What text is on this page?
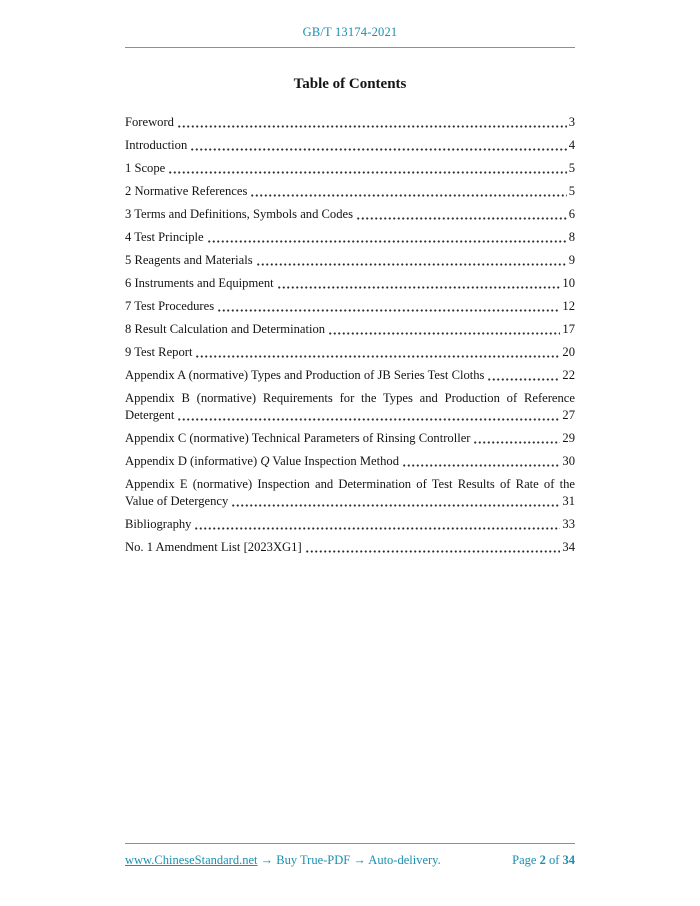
GB/T 13174-2021
Table of Contents
Foreword	3
Introduction	4
1 Scope	5
2 Normative References	5
3 Terms and Definitions, Symbols and Codes	6
4 Test Principle	8
5 Reagents and Materials	9
6 Instruments and Equipment	10
7 Test Procedures	12
8 Result Calculation and Determination	17
9 Test Report	20
Appendix A (normative) Types and Production of JB Series Test Cloths	22
Appendix B (normative) Requirements for the Types and Production of Reference
Detergent	27
Appendix C (normative) Technical Parameters of Rinsing Controller	29
Appendix D (informative) Q Value Inspection Method	30
Appendix E (normative) Inspection and Determination of Test Results of Rate of the
Value of Detergency	31
Bibliography	33
No. 1 Amendment List [2023XG1]	34
www.ChineseStandard.net → Buy True-PDF → Auto-delivery.	Page 2 of 34
